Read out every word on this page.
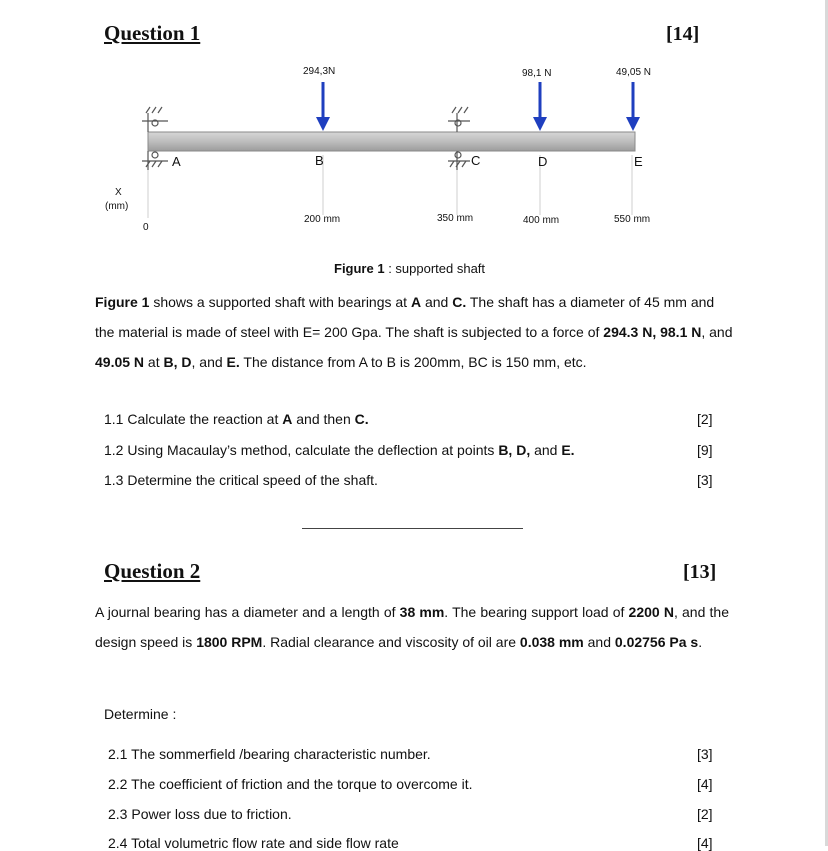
Question 1	[14]
294,3N	98,1 N	49,05 N
A	B	C	D	E
X
(mm)
0
200 mm	350 mm	400 mm	550 mm
Figure 1 : supported shaft
Figure 1 shows a supported shaft with bearings at A and C. The shaft has a diameter of 45 mm and the material is made of steel with E= 200 Gpa. The shaft is subjected to a force of 294.3 N, 98.1 N, and 49.05 N at B, D, and E. The distance from A to B is 200mm, BC is 150 mm, etc.
1.1 Calculate the reaction at A and then C.	[2]
1.2 Using Macaulay’s method, calculate the deflection at points B, D, and E.	[9]
1.3 Determine the critical speed of the shaft.	[3]
Question 2	[13]
A journal bearing has a diameter and a length of 38 mm. The bearing support load of 2200 N, and the design speed is 1800 RPM. Radial clearance and viscosity of oil are 0.038 mm and 0.02756 Pa s.
Determine :
2.1 The sommerfield /bearing characteristic number.	[3]
2.2 The coefficient of friction and the torque to overcome it.	[4]
2.3 Power loss due to friction.	[2]
2.4 Total volumetric flow rate and side flow rate	[4]
